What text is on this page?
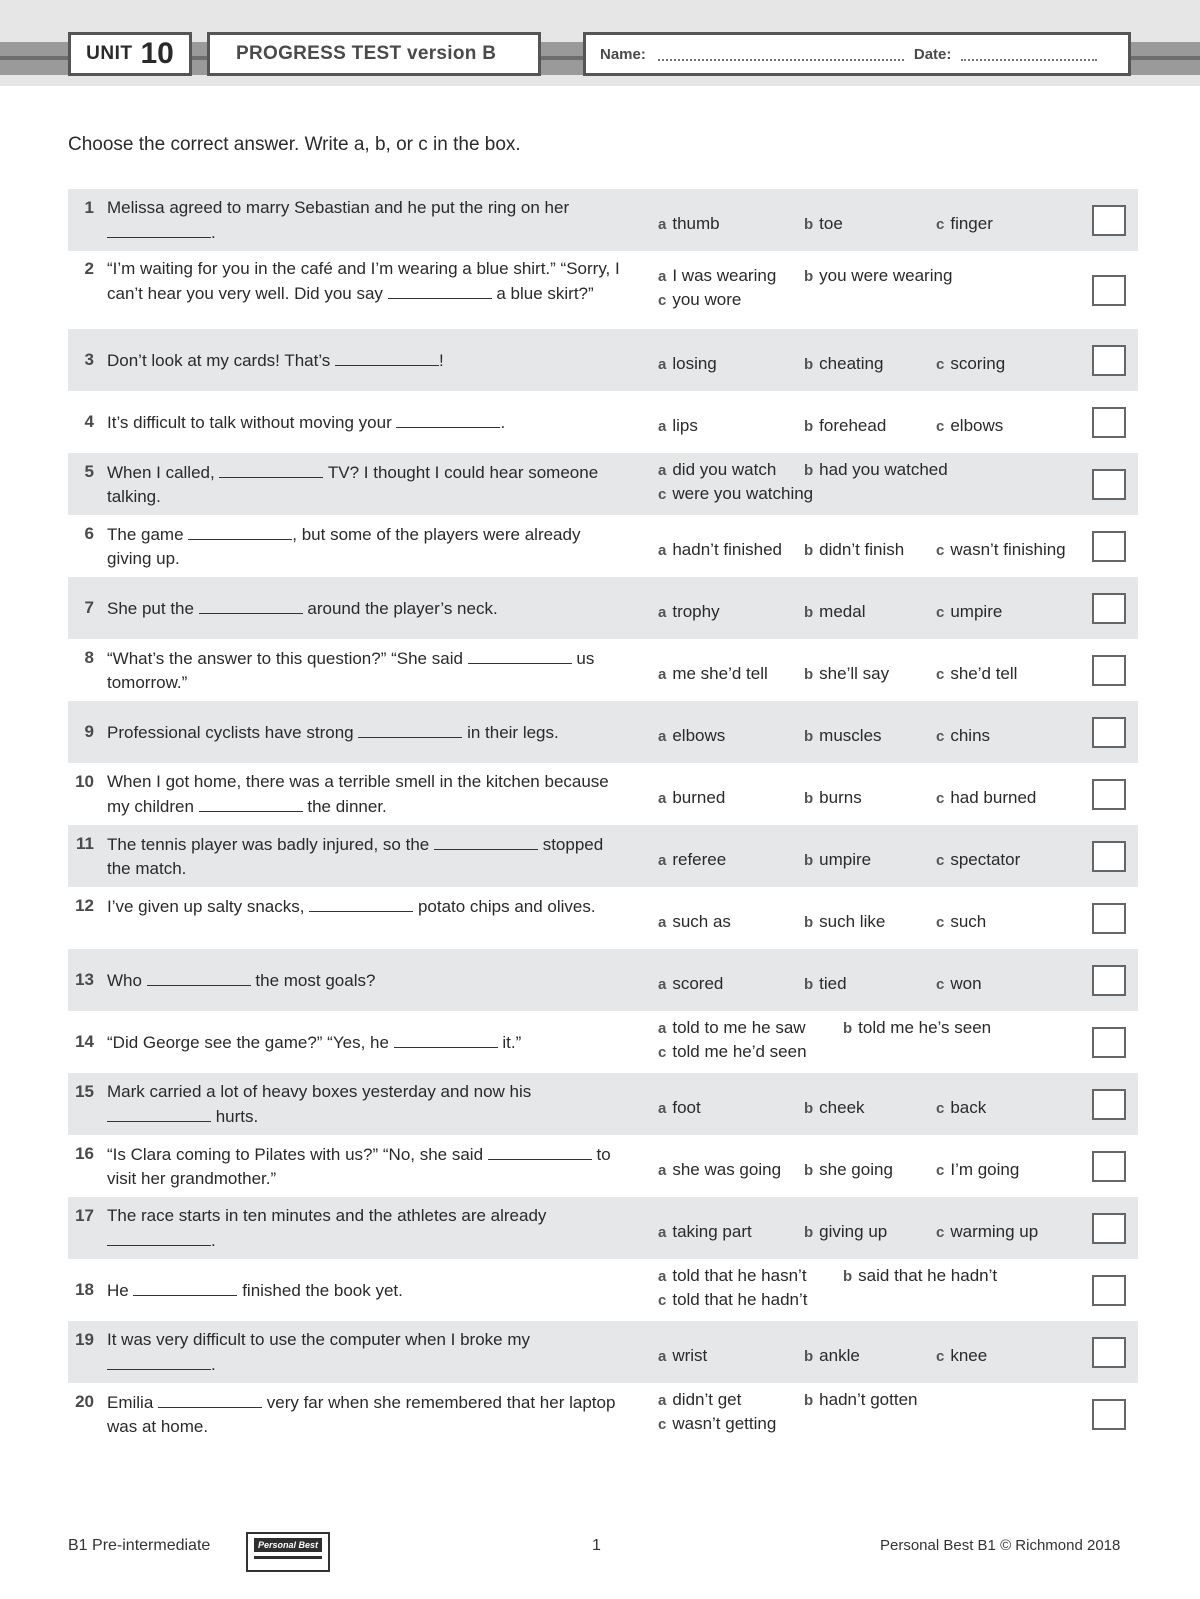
UNIT 10	PROGRESS TEST version B	Name:	Date:
Choose the correct answer. Write a, b, or c in the box.
1 Melissa agreed to marry Sebastian and he put the ring on her .	a thumb	b toe	c finger
2 “I’m waiting for you in the café and I’m wearing a blue shirt.” “Sorry, I can’t hear you very well. Did you say	a blue skirt?”
a I was wearing b you were wearing
c you wore
3 Don’t look at my cards! That’s	!	a losing	b cheating	c scoring
4 It’s difficult to talk without moving your	.	a lips	b forehead	c elbows
5 When I called,	TV? I thought I could hear someone talking.
a did you watch b had you watched
c were you watching
6 The game	, but some of the players were already giving up.	a hadn’t finished b didn’t finish c wasn’t finishing
7 She put the	around the player’s neck.	a trophy	b medal	c umpire
8 “What’s the answer to this question?” “She said	us tomorrow.”	a me she’d tell b she’ll say	c she’d tell
9 Professional cyclists have strong	in their legs.	a elbows	b muscles	c chins
10 When I got home, there was a terrible smell in the kitchen because my children	the dinner.	a burned	b burns	c had burned
11 The tennis player was badly injured, so the	stopped the match.	a referee	b umpire	c spectator
12 I’ve given up salty snacks,	potato chips and olives.
a such as	b such like	c such
13 Who	the most goals?	a scored	b tied	c won
14 “Did George see the game?” “Yes, he	it.”
a told to me he saw b told me he’s seen
c told me he’d seen
15 Mark carried a lot of heavy boxes yesterday and now his  hurts.	a foot	b cheek	c back
16 “Is Clara coming to Pilates with us?” “No, she said	to visit her grandmother.”	a she was going b she going	c I’m going
17 The race starts in ten minutes and the athletes are already .	a taking part	b giving up	c warming up
18 He	finished the book yet.
a told that he hasn’t b said that he hadn’t
c told that he hadn’t
19 It was very difficult to use the computer when I broke my .	a wrist	b ankle	c knee
20 Emilia	very far when she remembered that her laptop was at home.
a didn’t get	b hadn’t gotten
c wasn’t getting
B1 Pre-intermediate	Personal Best	1	Personal Best B1 © Richmond 2018
